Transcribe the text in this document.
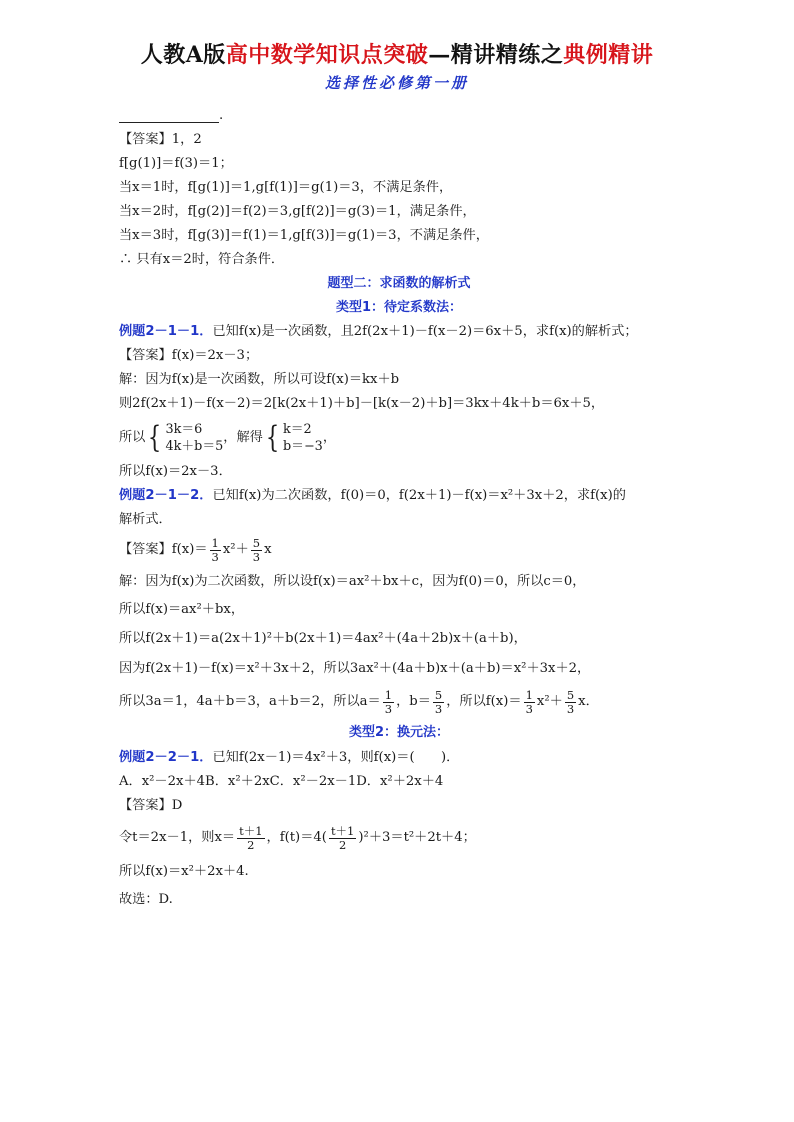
人教A版高中数学知识点突破—精讲精练之典例精讲
选择性必修第一册
.
【答案】1，2
f[g(1)]＝f(3)＝1；
当x＝1时，f[g(1)]＝1,g[f(1)]＝g(1)＝3，不满足条件，
当x＝2时，f[g(2)]＝f(2)＝3,g[f(2)]＝g(3)＝1，满足条件，
当x＝3时，f[g(3)]＝f(1)＝1,g[f(3)]＝g(1)＝3，不满足条件，
∴ 只有x＝2时，符合条件．
题型二：求函数的解析式
类型1：待定系数法：
例题2－1－1． 已知f(x)是一次函数，且2f(2x＋1)－f(x－2)＝6x＋5，求f(x)的解析式；
【答案】f(x)＝2x－3；
解：因为f(x)是一次函数，所以可设f(x)＝kx＋b
则2f(2x＋1)－f(x－2)＝2[k(2x＋1)＋b]－[k(x－2)＋b]＝3kx＋4k＋b＝6x＋5，
所以 { 3k＝6
4k＋b＝5
，解得 { k＝2
b＝−3
，
所以f(x)＝2x－3．
例题2－1－2． 已知f(x)为二次函数，f(0)＝0，f(2x＋1)－f(x)＝x²＋3x＋2，求f(x)的
解析式．
【答案】$f(x)= \frac{1}{3} x^2+ \frac{5}{3}$ x
解：因为f(x)为二次函数，所以设f(x)＝ax²＋bx＋c，因为f(0)＝0，所以c＝0，
所以f(x)＝ax²＋bx，
所以f(2x＋1)＝a(2x＋1)²＋b(2x＋1)＝4ax²＋(4a＋2b)x＋(a＋b)，
因为f(2x＋1)－f(x)＝x²＋3x＋2，所以3ax²＋(4a＋b)x＋(a＋b)＝x²＋3x＋2，
所以3a＝1，4a＋b＝3，a＋b＝2，所以$a= \frac{1}{3}$ ，$b= \frac{5}{3}$ ，所以$f(x)= \frac{1}{3} x^2+ \frac{5}{3}$ x．
类型2：换元法：
例题2－2－1． 已知f(2x－1)＝4x²＋3，则f(x)＝(　　)．
A．x²－2x＋4B．x²＋2xC．x²－2x－1D．x²＋2x＋4
【答案】D
令t＝2x－1，则$x= \frac{t+1}{2}$ ，$f(t)=4( \frac{t+1}{2} )^2+3=t^2+2t+4$；
所以f(x)＝x²＋2x＋4.
故选：D.
